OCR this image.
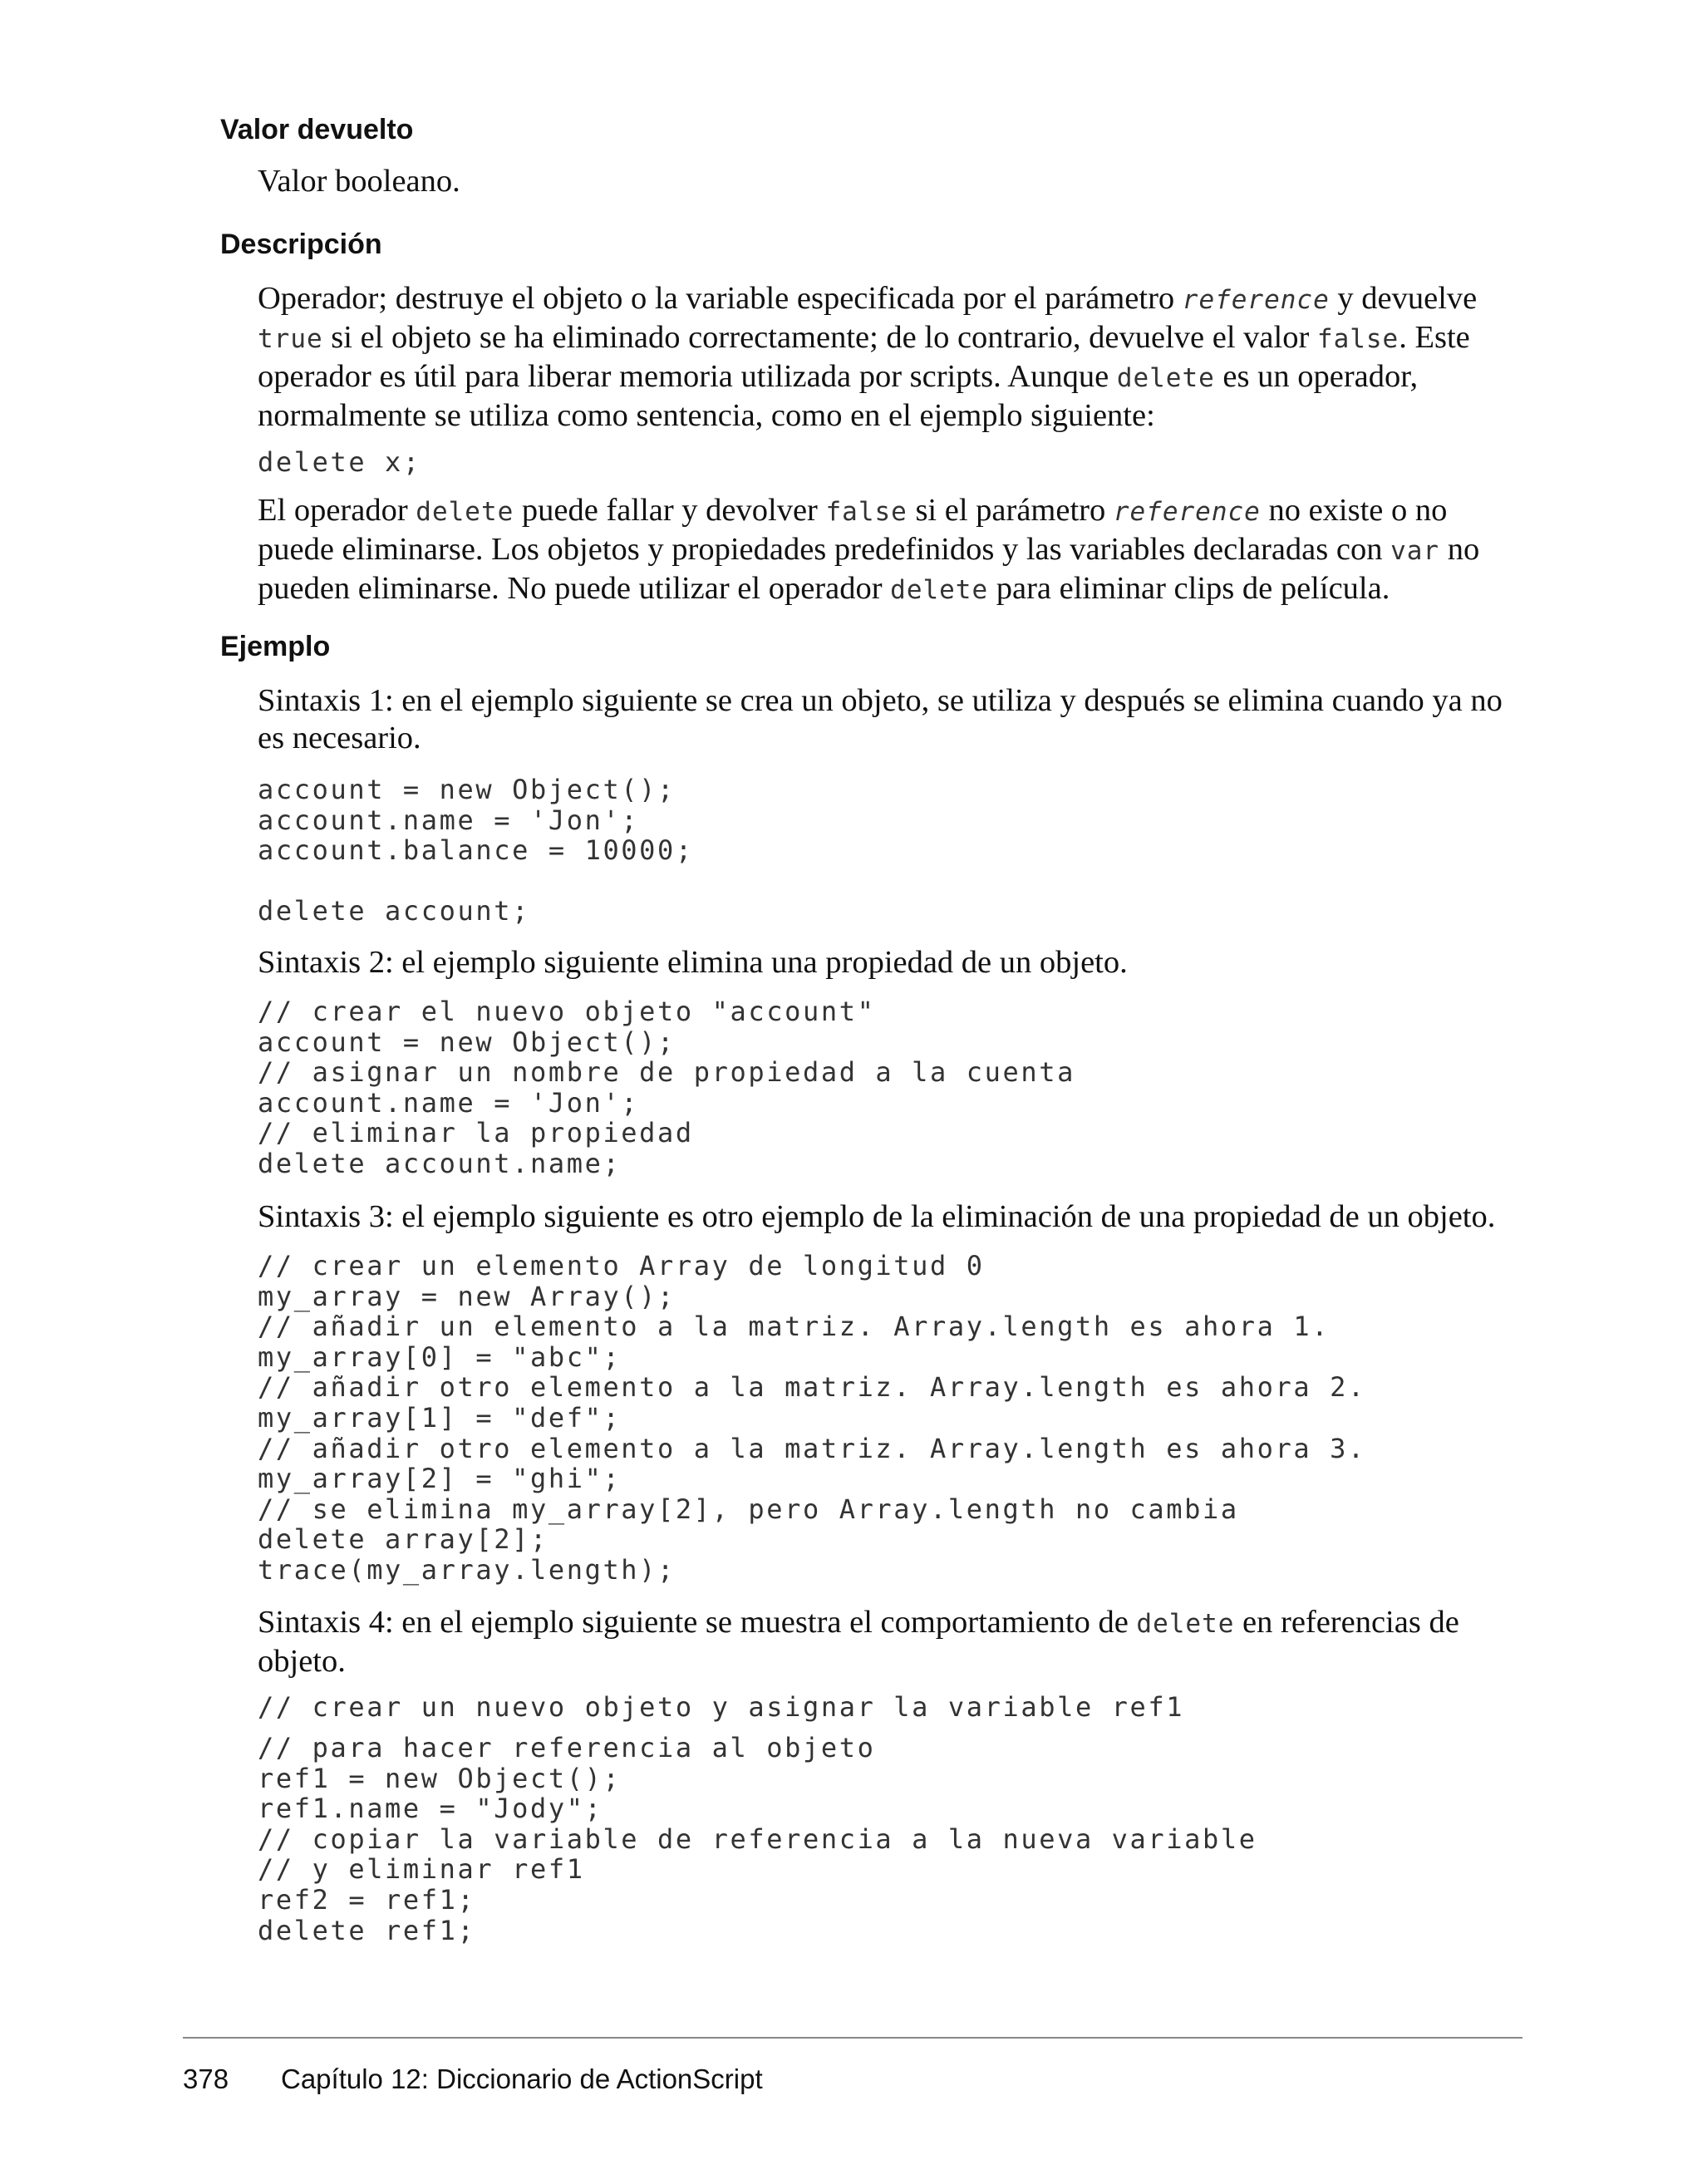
Valor devuelto

Valor booleano.

Descripción

Operador; destruye el objeto o la variable especificada por el parámetro reference y devuelve true si el objeto se ha eliminado correctamente; de lo contrario, devuelve el valor false. Este operador es útil para liberar memoria utilizada por scripts. Aunque delete es un operador, normalmente se utiliza como sentencia, como en el ejemplo siguiente:

delete x;

El operador delete puede fallar y devolver false si el parámetro reference no existe o no puede eliminarse. Los objetos y propiedades predefinidos y las variables declaradas con var no pueden eliminarse. No puede utilizar el operador delete para eliminar clips de película.

Ejemplo

Sintaxis 1: en el ejemplo siguiente se crea un objeto, se utiliza y después se elimina cuando ya no es necesario.

account = new Object();
account.name = 'Jon';
account.balance = 10000;

delete account;

Sintaxis 2: el ejemplo siguiente elimina una propiedad de un objeto.

// crear el nuevo objeto "account"
account = new Object();
// asignar un nombre de propiedad a la cuenta
account.name = 'Jon';
// eliminar la propiedad
delete account.name;

Sintaxis 3: el ejemplo siguiente es otro ejemplo de la eliminación de una propiedad de un objeto.

// crear un elemento Array de longitud 0
my_array = new Array();
// añadir un elemento a la matriz. Array.length es ahora 1.
my_array[0] = "abc";
// añadir otro elemento a la matriz. Array.length es ahora 2.
my_array[1] = "def";
// añadir otro elemento a la matriz. Array.length es ahora 3.
my_array[2] = "ghi";
// se elimina my_array[2], pero Array.length no cambia
delete array[2];
trace(my_array.length);

Sintaxis 4: en el ejemplo siguiente se muestra el comportamiento de delete en referencias de objeto.

// crear un nuevo objeto y asignar la variable ref1
// para hacer referencia al objeto
ref1 = new Object();
ref1.name = "Jody";
// copiar la variable de referencia a la nueva variable
// y eliminar ref1
ref2 = ref1;
delete ref1;
378 Capítulo 12: Diccionario de ActionScript
